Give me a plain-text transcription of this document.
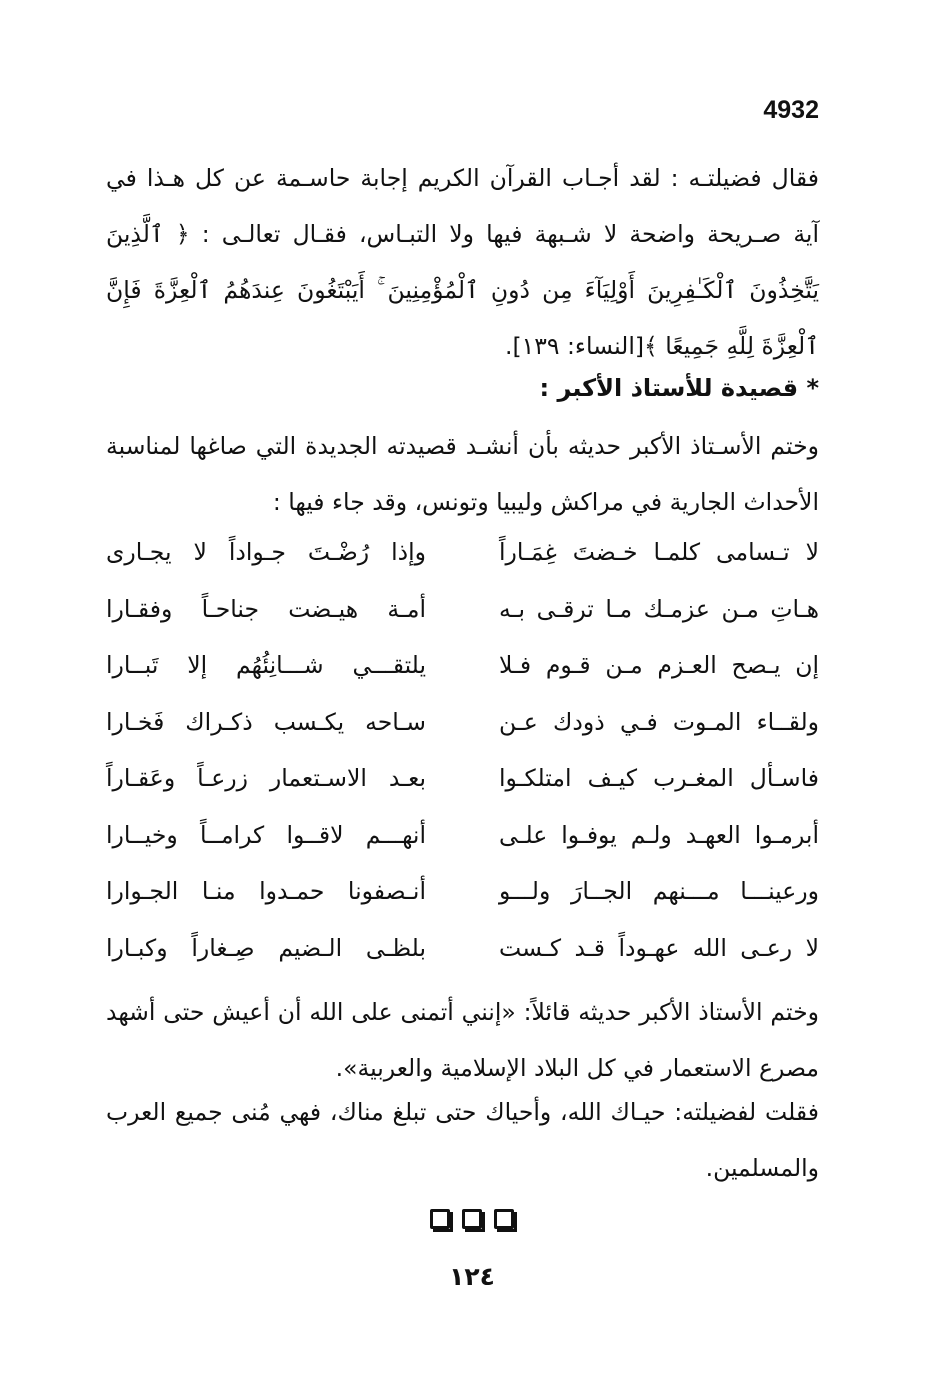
4932
فقال فضيلتـه : لقد أجـاب القرآن الكريم إجابة حاسـمة عن كل هـذا في آية صـريحة واضحة لا شـبهة فيها ولا التبـاس، فقـال تعالـى : ﴿ ٱلَّذِينَ يَتَّخِذُونَ ٱلْكَـٰفِرِينَ أَوْلِيَآءَ مِن دُونِ ٱلْمُؤْمِنِينَ ۚ أَيَبْتَغُونَ عِندَهُمُ ٱلْعِزَّةَ فَإِنَّ ٱلْعِزَّةَ لِلَّهِ جَمِيعًا ﴾[النساء: ١٣٩].
* قصيدة للأستاذ الأكبر :
وختم الأسـتاذ الأكبر حديثه بأن أنشـد قصيدته الجديدة التي صاغها لمناسبة الأحداث الجارية في مراكش وليبيا وتونس، وقد جاء فيها :
لا تـسامى كلمـا خـضتَ غِمَـاراً
وإذا رُضْـتَ جـواداً لا يجـارى
هـاتِ مـن عزمـك مـا ترقـى بـه
أمـة هيـضت جناحـاً وفقـارا
إن يـصح العـزم مـن قـوم فـلا
يلتقـــي شـــانِئُهُم إلا تَبــارا
ولقــاء المـوت فـي ذودك عـن
سـاحه يكـسب ذكـراك فَخـارا
فاسـأل المغـرب كيـف امتلكـوا
بعـد الاسـتعمار زرعـاً وعَقـاراً
أبرمـوا العهـد ولـم يوفـوا علـى
أنهـــم لاقــوا كرامــاً وخيــارا
ورعينـــا مـــنهم الجــارَ ولـــو
أنـصفونا حمـدوا منـا الجـوارا
لا رعـى الله عهـوداً قـد كـست
بلظـى الـضيم صِـغاراً وكبـارا
وختم الأستاذ الأكبر حديثه قائلاً: «إنني أتمنى على الله أن أعيش حتى أشهد مصرع الاستعمار في كل البلاد الإسلامية والعربية».
فقلت لفضيلته: حيـاك الله، وأحياك حتى تبلغ مناك، فهي مُنى جميع العرب والمسلمين.
١٢٤
